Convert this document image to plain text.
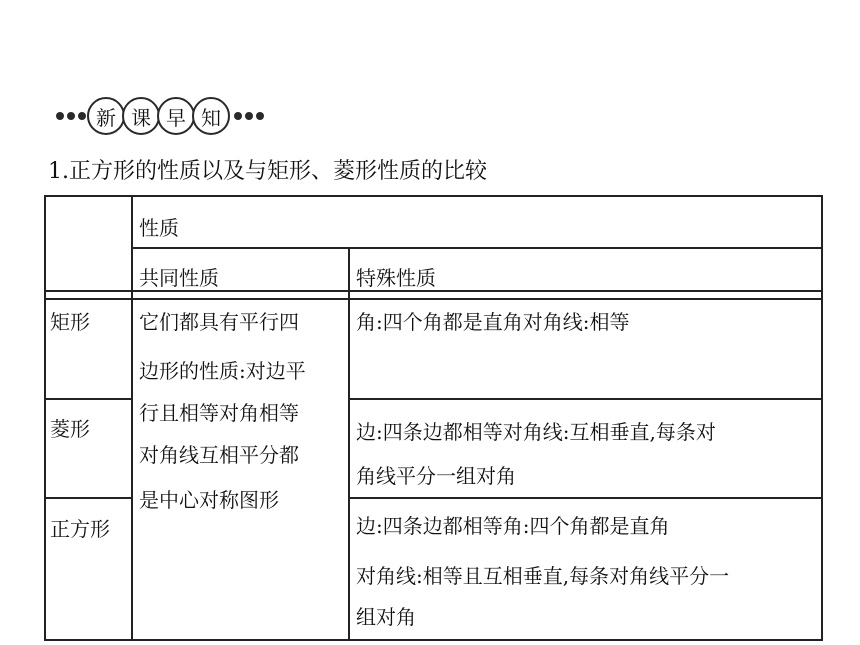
新 课 早 知
1.正方形的性质以及与矩形、菱形性质的比较
性质
共同性质	特殊性质
矩形
菱形
正方形
它们都具有平行四
边形的性质:对边平
行且相等对角相等
对角线互相平分都
是中心对称图形
角:四个角都是直角对角线:相等
边:四条边都相等对角线:互相垂直,每条对
角线平分一组对角
边:四条边都相等角:四个角都是直角
对角线:相等且互相垂直,每条对角线平分一
组对角
